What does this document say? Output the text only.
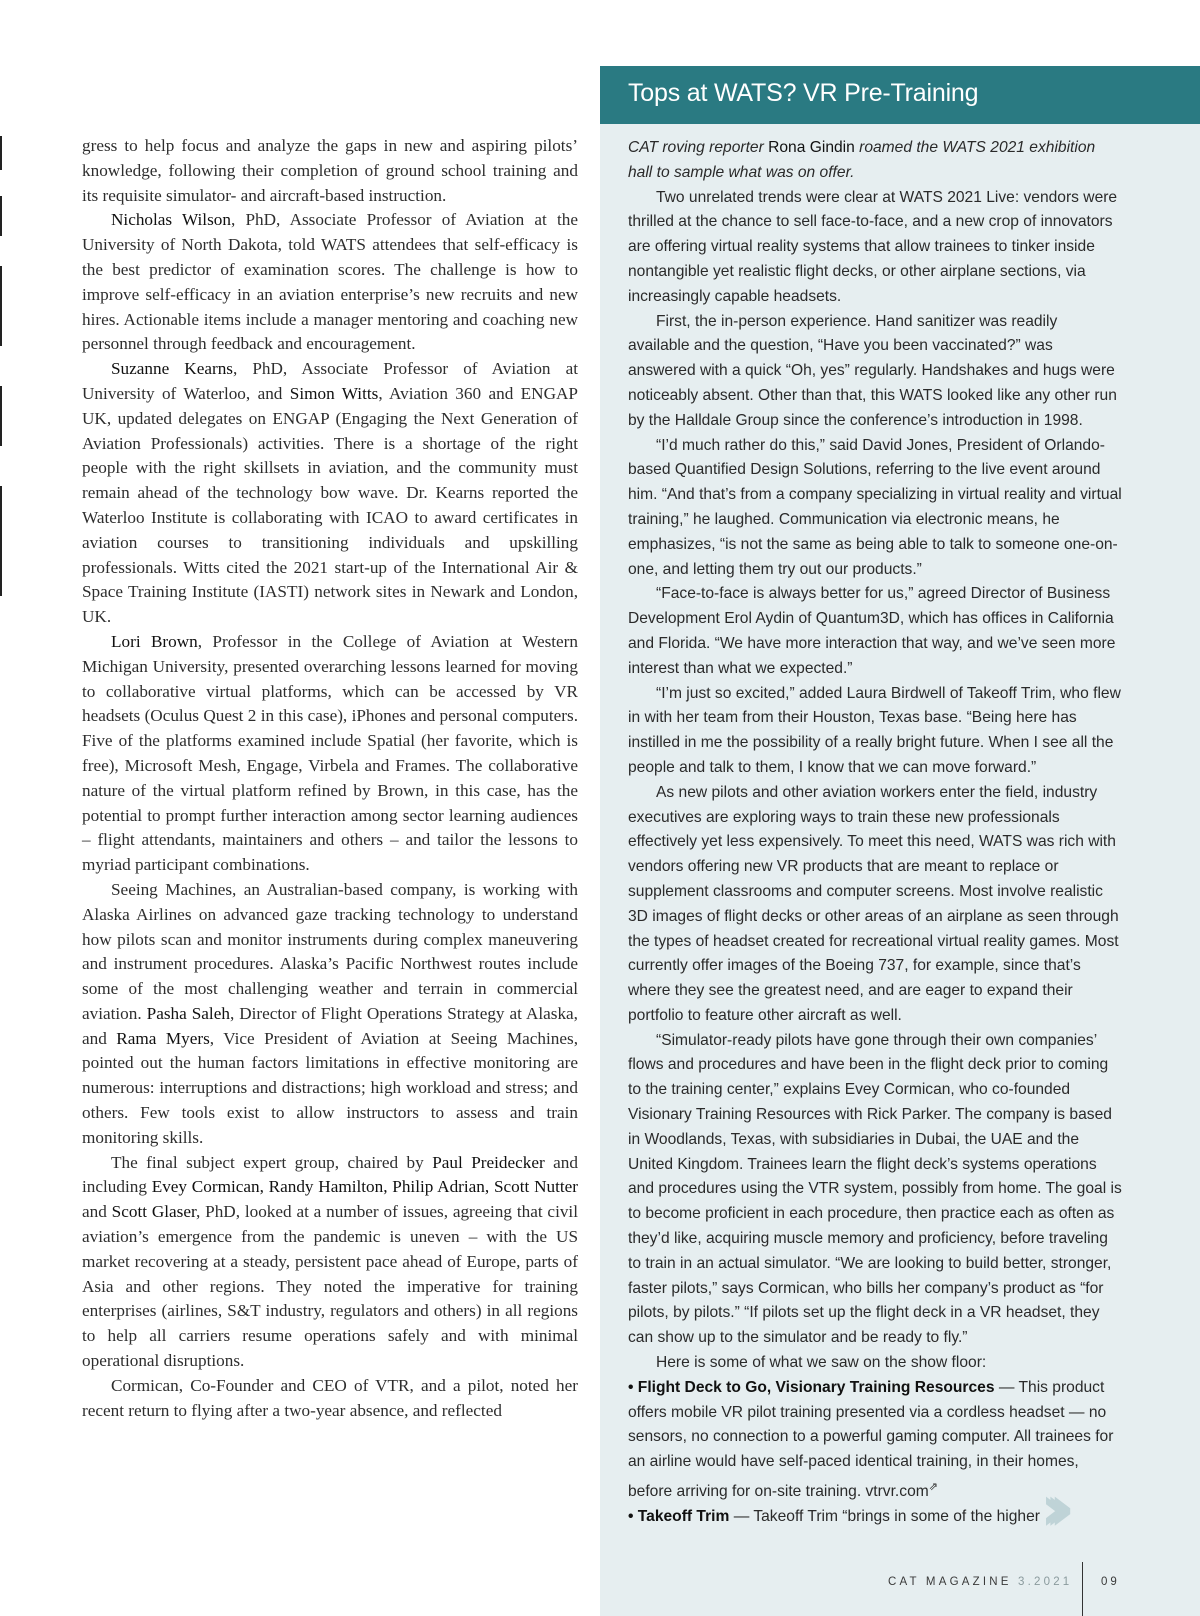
gress to help focus and analyze the gaps in new and aspiring pilots’ knowledge, following their completion of ground school training and its requisite simulator- and aircraft-based instruction.

Nicholas Wilson, PhD, Associate Professor of Aviation at the University of North Dakota, told WATS attendees that self-efficacy is the best predictor of examination scores. The challenge is how to improve self-efficacy in an aviation enterprise’s new recruits and new hires. Actionable items include a manager mentoring and coaching new personnel through feedback and encouragement.

Suzanne Kearns, PhD, Associate Professor of Aviation at University of Waterloo, and Simon Witts, Aviation 360 and ENGAP UK, updated delegates on ENGAP (Engaging the Next Generation of Aviation Professionals) activities. There is a shortage of the right people with the right skillsets in aviation, and the community must remain ahead of the technology bow wave. Dr. Kearns reported the Waterloo Institute is collaborating with ICAO to award certificates in aviation courses to transitioning individuals and upskilling professionals. Witts cited the 2021 start-up of the International Air & Space Training Institute (IASTI) network sites in Newark and London, UK.

Lori Brown, Professor in the College of Aviation at Western Michigan University, presented overarching lessons learned for moving to collaborative virtual platforms, which can be accessed by VR headsets (Oculus Quest 2 in this case), iPhones and personal computers. Five of the platforms examined include Spatial (her favorite, which is free), Microsoft Mesh, Engage, Virbela and Frames. The collaborative nature of the virtual platform refined by Brown, in this case, has the potential to prompt further interaction among sector learning audiences – flight attendants, maintainers and others – and tailor the lessons to myriad participant combinations.

Seeing Machines, an Australian-based company, is working with Alaska Airlines on advanced gaze tracking technology to understand how pilots scan and monitor instruments during complex maneuvering and instrument procedures. Alaska’s Pacific Northwest routes include some of the most challenging weather and terrain in commercial aviation. Pasha Saleh, Director of Flight Operations Strategy at Alaska, and Rama Myers, Vice President of Aviation at Seeing Machines, pointed out the human factors limitations in effective monitoring are numerous: interruptions and distractions; high workload and stress; and others. Few tools exist to allow instructors to assess and train monitoring skills.

The final subject expert group, chaired by Paul Preidecker and including Evey Cormican, Randy Hamilton, Philip Adrian, Scott Nutter and Scott Glaser, PhD, looked at a number of issues, agreeing that civil aviation’s emergence from the pandemic is uneven – with the US market recovering at a steady, persistent pace ahead of Europe, parts of Asia and other regions. They noted the imperative for training enterprises (airlines, S&T industry, regulators and others) in all regions to help all carriers resume operations safely and with minimal operational disruptions.

Cormican, Co-Founder and CEO of VTR, and a pilot, noted her recent return to flying after a two-year absence, and reflected

Tops at WATS? VR Pre-Training

CAT roving reporter Rona Gindin roamed the WATS 2021 exhibition hall to sample what was on offer.

Two unrelated trends were clear at WATS 2021 Live: vendors were thrilled at the chance to sell face-to-face, and a new crop of innovators are offering virtual reality systems that allow trainees to tinker inside nontangible yet realistic flight decks, or other airplane sections, via increasingly capable headsets.

First, the in-person experience. Hand sanitizer was readily available and the question, “Have you been vaccinated?” was answered with a quick “Oh, yes” regularly. Handshakes and hugs were noticeably absent. Other than that, this WATS looked like any other run by the Halldale Group since the conference’s introduction in 1998.

“I’d much rather do this,” said David Jones, President of Orlando-based Quantified Design Solutions, referring to the live event around him. “And that’s from a company specializing in virtual reality and virtual training,” he laughed. Communication via electronic means, he emphasizes, “is not the same as being able to talk to someone one-on-one, and letting them try out our products.”

“Face-to-face is always better for us,” agreed Director of Business Development Erol Aydin of Quantum3D, which has offices in California and Florida. “We have more interaction that way, and we’ve seen more interest than what we expected.”

“I’m just so excited,” added Laura Birdwell of Takeoff Trim, who flew in with her team from their Houston, Texas base. “Being here has instilled in me the possibility of a really bright future. When I see all the people and talk to them, I know that we can move forward.”

As new pilots and other aviation workers enter the field, industry executives are exploring ways to train these new professionals effectively yet less expensively. To meet this need, WATS was rich with vendors offering new VR products that are meant to replace or supplement classrooms and computer screens. Most involve realistic 3D images of flight decks or other areas of an airplane as seen through the types of headset created for recreational virtual reality games. Most currently offer images of the Boeing 737, for example, since that’s where they see the greatest need, and are eager to expand their portfolio to feature other aircraft as well.

“Simulator-ready pilots have gone through their own companies’ flows and procedures and have been in the flight deck prior to coming to the training center,” explains Evey Cormican, who co-founded Visionary Training Resources with Rick Parker. The company is based in Woodlands, Texas, with subsidiaries in Dubai, the UAE and the United Kingdom. Trainees learn the flight deck’s systems operations and procedures using the VTR system, possibly from home. The goal is to become proficient in each procedure, then practice each as often as they’d like, acquiring muscle memory and proficiency, before traveling to train in an actual simulator. “We are looking to build better, stronger, faster pilots,” says Cormican, who bills her company’s product as “for pilots, by pilots.” “If pilots set up the flight deck in a VR headset, they can show up to the simulator and be ready to fly.”

Here is some of what we saw on the show floor:

• Flight Deck to Go, Visionary Training Resources — This product offers mobile VR pilot training presented via a cordless headset — no sensors, no connection to a powerful gaming computer. All trainees for an airline would have self-paced identical training, in their homes, before arriving for on-site training. vtrvr.com⇗

• Takeoff Trim — Takeoff Trim “brings in some of the higher ›››
CAT MAGAZINE 3.2021 09
